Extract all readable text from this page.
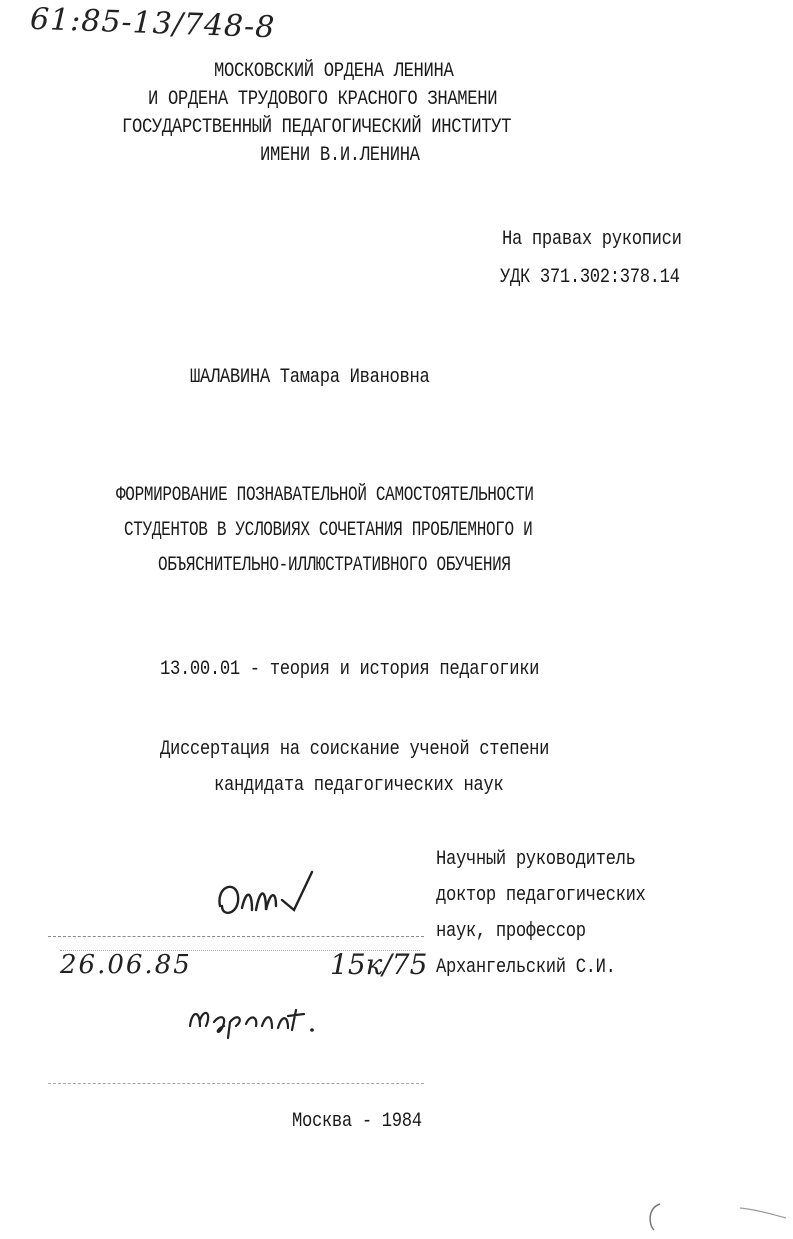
61:85-13/748-8
МОСКОВСКИЙ ОРДЕНА ЛЕНИНА
И ОРДЕНА ТРУДОВОГО КРАСНОГО ЗНАМЕНИ
ГОСУДАРСТВЕННЫЙ ПЕДАГОГИЧЕСКИЙ ИНСТИТУТ
ИМЕНИ В.И.ЛЕНИНА
На правах рукописи
УДК 371.302:378.14
ШАЛАВИНА Тамара Ивановна
ФОРМИРОВАНИЕ ПОЗНАВАТЕЛЬНОЙ САМОСТОЯТЕЛЬНОСТИ
СТУДЕНТОВ В УСЛОВИЯХ СОЧЕТАНИЯ ПРОБЛЕМНОГО И
ОБЪЯСНИТЕЛЬНО-ИЛЛЮСТРАТИВНОГО ОБУЧЕНИЯ
13.00.01 - теория и история педагогики
Диссертация на соискание ученой степени
кандидата педагогических наук
Научный руководитель
доктор педагогических
наук, профессор
Архангельский С.И.
26.06.85	15к/75
Москва - 1984
